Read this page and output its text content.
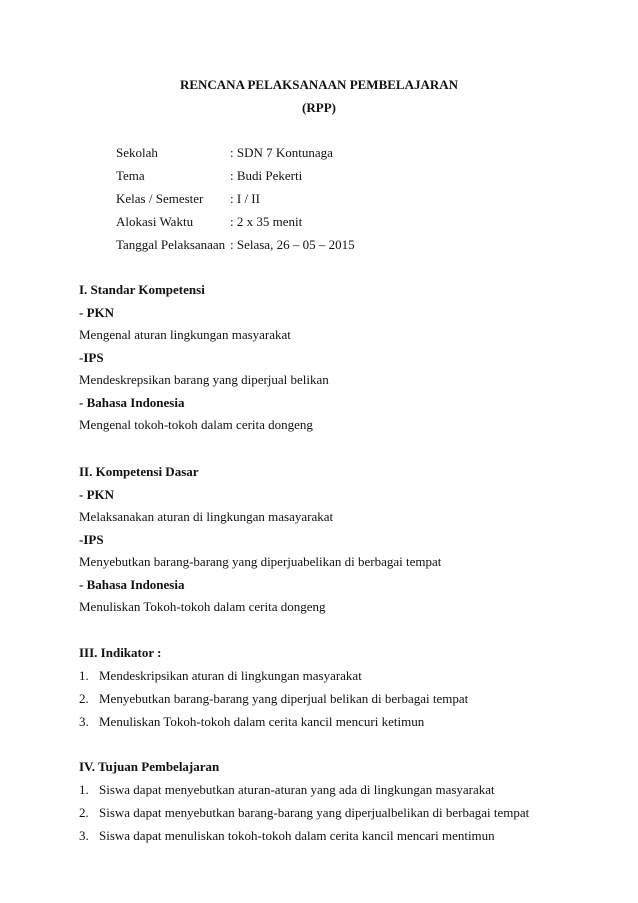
RENCANA PELAKSANAAN PEMBELAJARAN
(RPP)
Sekolah	: SDN 7 Kontunaga
Tema	: Budi Pekerti
Kelas / Semester : I / II
Alokasi Waktu	: 2 x 35 menit
Tanggal Pelaksanaan : Selasa, 26 – 05 – 2015
I. Standar Kompetensi
- PKN
Mengenal aturan lingkungan masyarakat
-IPS
Mendeskrepsikan barang yang diperjual belikan
- Bahasa Indonesia
Mengenal tokoh-tokoh dalam cerita dongeng
II. Kompetensi Dasar
- PKN
Melaksanakan aturan di lingkungan masayarakat
-IPS
Menyebutkan barang-barang yang diperjuabelikan di berbagai tempat
- Bahasa Indonesia
Menuliskan Tokoh-tokoh dalam cerita dongeng
III. Indikator :
1. Mendeskripsikan aturan di lingkungan masyarakat
2. Menyebutkan barang-barang yang diperjual belikan di berbagai tempat
3. Menuliskan Tokoh-tokoh dalam cerita kancil mencuri ketimun
IV. Tujuan Pembelajaran
1. Siswa dapat menyebutkan aturan-aturan yang ada di lingkungan masyarakat
2. Siswa dapat menyebutkan barang-barang yang diperjualbelikan di berbagai tempat
3. Siswa dapat menuliskan tokoh-tokoh dalam cerita kancil mencari mentimun
